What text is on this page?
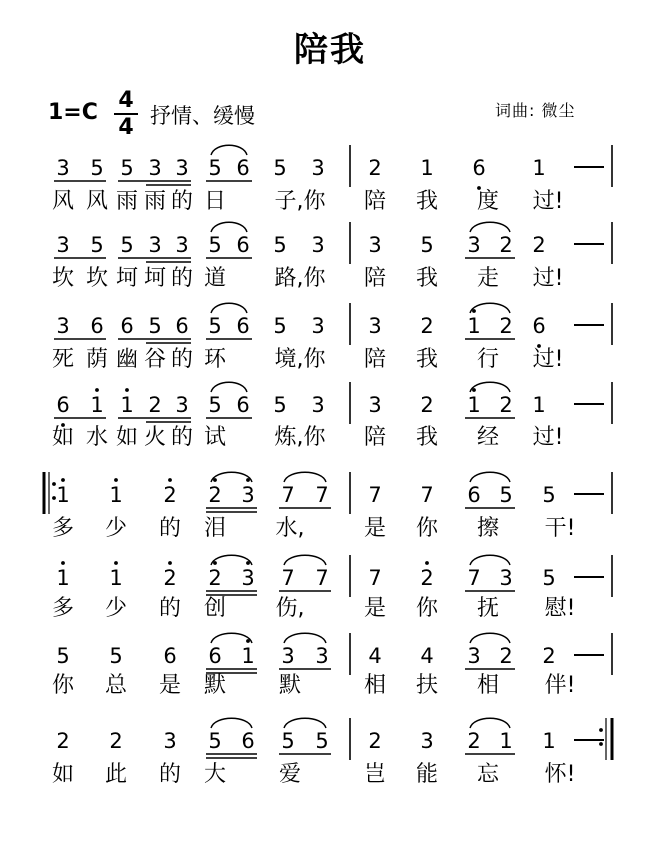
陪我
1=C 4
4 抒情、缓慢	词曲: 微尘
3 5 5 3 3 5 6 5 3 2 1 6 1
风 风 雨 雨 的 日 子,你 陪 我 度 过!
3 5 5 3 3 5 6 5 3 3 5 3 2 2
坎 坎 坷 坷 的 道 路,你 陪 我 走 过!
3 6 6 5 6 5 6 5 3 3 2 1 2 6
死 荫 幽 谷 的 环 境,你 陪 我 行 过!
6 1 1 2 3 5 6 5 3 3 2 1 2 1
如 水 如 火 的 试 炼,你 陪 我 经 过!
1 1 2 2 3 7 7 7 7 6 5 5
多 少 的 泪 水,	是 你 擦 干!
1 1 2 2 3 7 7 7 2 7 3 5
多 少 的 创 伤,	是 你 抚 慰!
5 5 6 6 1 3 3 4 4 3 2 2
你 总 是 默 默	相 扶 相 伴!
2 2 3 5 6 5 5 2 3 2 1 1
如 此 的 大 爱	岂 能 忘 怀!
